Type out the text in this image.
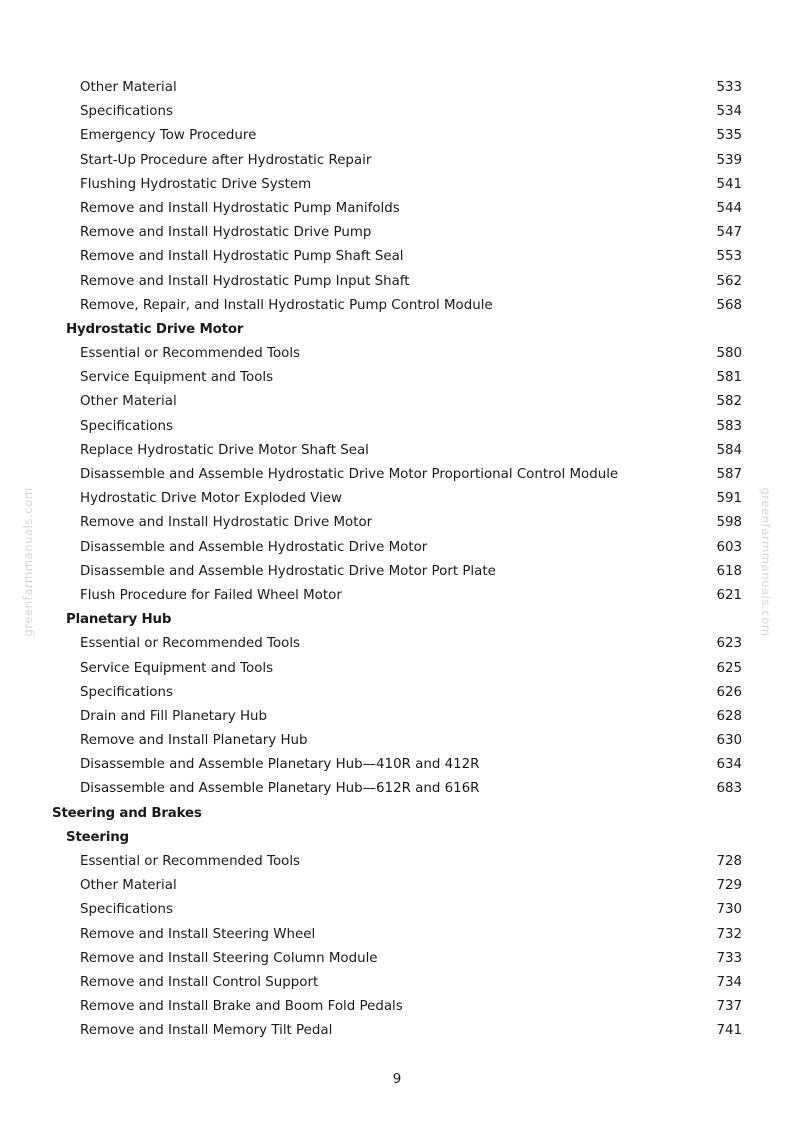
greenfarmmanuals.com	greenfarmmanuals.com
Other Material	533
Specifications	534
Emergency Tow Procedure	535
Start-Up Procedure after Hydrostatic Repair	539
Flushing Hydrostatic Drive System	541
Remove and Install Hydrostatic Pump Manifolds	544
Remove and Install Hydrostatic Drive Pump	547
Remove and Install Hydrostatic Pump Shaft Seal	553
Remove and Install Hydrostatic Pump Input Shaft	562
Remove, Repair, and Install Hydrostatic Pump Control Module	568
Hydrostatic Drive Motor
Essential or Recommended Tools	580
Service Equipment and Tools	581
Other Material	582
Specifications	583
Replace Hydrostatic Drive Motor Shaft Seal	584
Disassemble and Assemble Hydrostatic Drive Motor Proportional Control Module	587
Hydrostatic Drive Motor Exploded View	591
Remove and Install Hydrostatic Drive Motor	598
Disassemble and Assemble Hydrostatic Drive Motor	603
Disassemble and Assemble Hydrostatic Drive Motor Port Plate	618
Flush Procedure for Failed Wheel Motor	621
Planetary Hub
Essential or Recommended Tools	623
Service Equipment and Tools	625
Specifications	626
Drain and Fill Planetary Hub	628
Remove and Install Planetary Hub	630
Disassemble and Assemble Planetary Hub—410R and 412R	634
Disassemble and Assemble Planetary Hub—612R and 616R	683
Steering and Brakes
Steering
Essential or Recommended Tools	728
Other Material	729
Specifications	730
Remove and Install Steering Wheel	732
Remove and Install Steering Column Module	733
Remove and Install Control Support	734
Remove and Install Brake and Boom Fold Pedals	737
Remove and Install Memory Tilt Pedal	741
9
